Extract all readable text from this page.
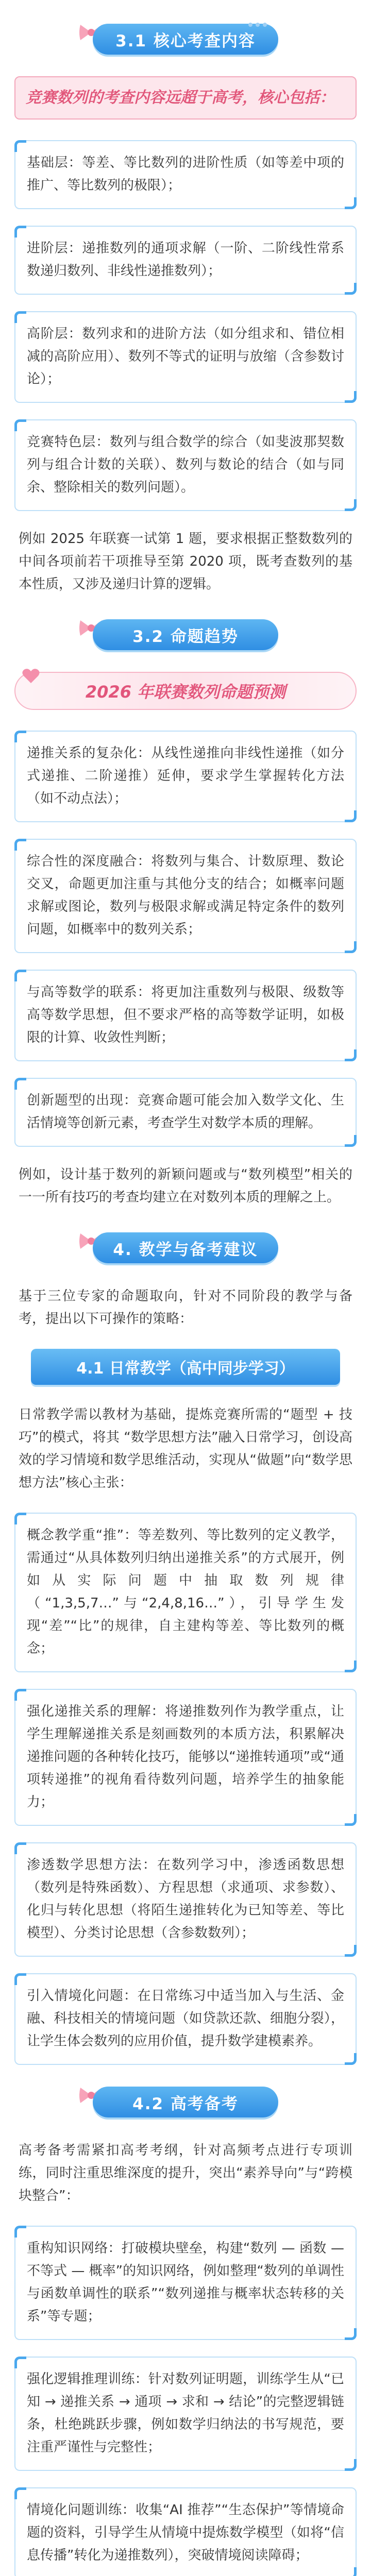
3.1 核心考查内容
竞赛数列的考查内容远超于高考，核心包括：

基础层：等差、等比数列的进阶性质（如等差中项的推广、等比数列的极限）；

进阶层：递推数列的通项求解（一阶、二阶线性常系数递归数列、非线性递推数列）；

高阶层：数列求和的进阶方法（如分组求和、错位相减的高阶应用）、数列不等式的证明与放缩（含参数讨论）；

竞赛特色层：数列与组合数学的综合（如斐波那契数列与组合计数的关联）、数列与数论的结合（如与同余、整除相关的数列问题）。

例如 2025 年联赛一试第 1 题，要求根据正整数数列的中间各项前若干项推导至第 2020 项，既考查数列的基本性质，又涉及递归计算的逻辑。

3.2 命题趋势
2026 年联赛数列命题预测

递推关系的复杂化：从线性递推向非线性递推（如分式递推、二阶递推）延伸，要求学生掌握转化方法（如不动点法）；

综合性的深度融合：将数列与集合、计数原理、数论交叉，命题更加注重与其他分支的结合；如概率问题求解或图论，数列与极限求解或满足特定条件的数列问题，如概率中的数列关系；

与高等数学的联系：将更加注重数列与极限、级数等高等数学思想，但不要求严格的高等数学证明，如极限的计算、收敛性判断；

创新题型的出现：竞赛命题可能会加入数学文化、生活情境等创新元素，考查学生对数学本质的理解。

例如，设计基于数列的新颖问题或与“数列模型”相关的一一所有技巧的考查均建立在对数列本质的理解之上。

4. 教学与备考建议

基于三位专家的命题取向，针对不同阶段的教学与备考，提出以下可操作的策略：

4.1 日常教学（高中同步学习）

日常教学需以教材为基础，提炼竞赛所需的“题型 + 技巧”的模式，将其 “数学思想方法”融入日常学习，创设高效的学习情境和数学思维活动，实现从“做题”向“数学思想方法”核心主张：

概念教学重“推”：等差数列、等比数列的定义教学，需通过“从具体数列归纳出递推关系”的方式展开，例如从实际问题中抽取数列规律（“1,3,5,7…”与“2,4,8,16…”），引导学生发现“差”“比”的规律，自主建构等差、等比数列的概念；

强化递推关系的理解：将递推数列作为教学重点，让学生理解递推关系是刻画数列的本质方法，积累解决递推问题的各种转化技巧，能够以“递推转通项”或“通项转递推”的视角看待数列问题，培养学生的抽象能力；

渗透数学思想方法：在数列学习中，渗透函数思想（数列是特殊函数）、方程思想（求通项、求参数）、化归与转化思想（将陌生递推转化为已知等差、等比模型）、分类讨论思想（含参数数列）；

引入情境化问题：在日常练习中适当加入与生活、金融、科技相关的情境问题（如贷款还款、细胞分裂），让学生体会数列的应用价值，提升数学建模素养。

4.2 高考备考

高考备考需紧扣高考考纲，针对高频考点进行专项训练，同时注重思维深度的提升，突出“素养导向”与“跨模块整合”：

重构知识网络：打破模块壁垒，构建“数列 — 函数 — 不等式 — 概率”的知识网络，例如整理“数列的单调性与函数单调性的联系”“数列递推与概率状态转移的关系”等专题；

强化逻辑推理训练：针对数列证明题，训练学生从“已知 → 递推关系 → 通项 → 求和 → 结论”的完整逻辑链条，杜绝跳跃步骤，例如数学归纳法的书写规范，要注重严谨性与完整性；

情境化问题训练：收集“AI 推荐”“生态保护”等情境命题的资料，引导学生从情境中提炼数学模型（如将“信息传播”转化为递推数列），突破情境阅读障碍；
